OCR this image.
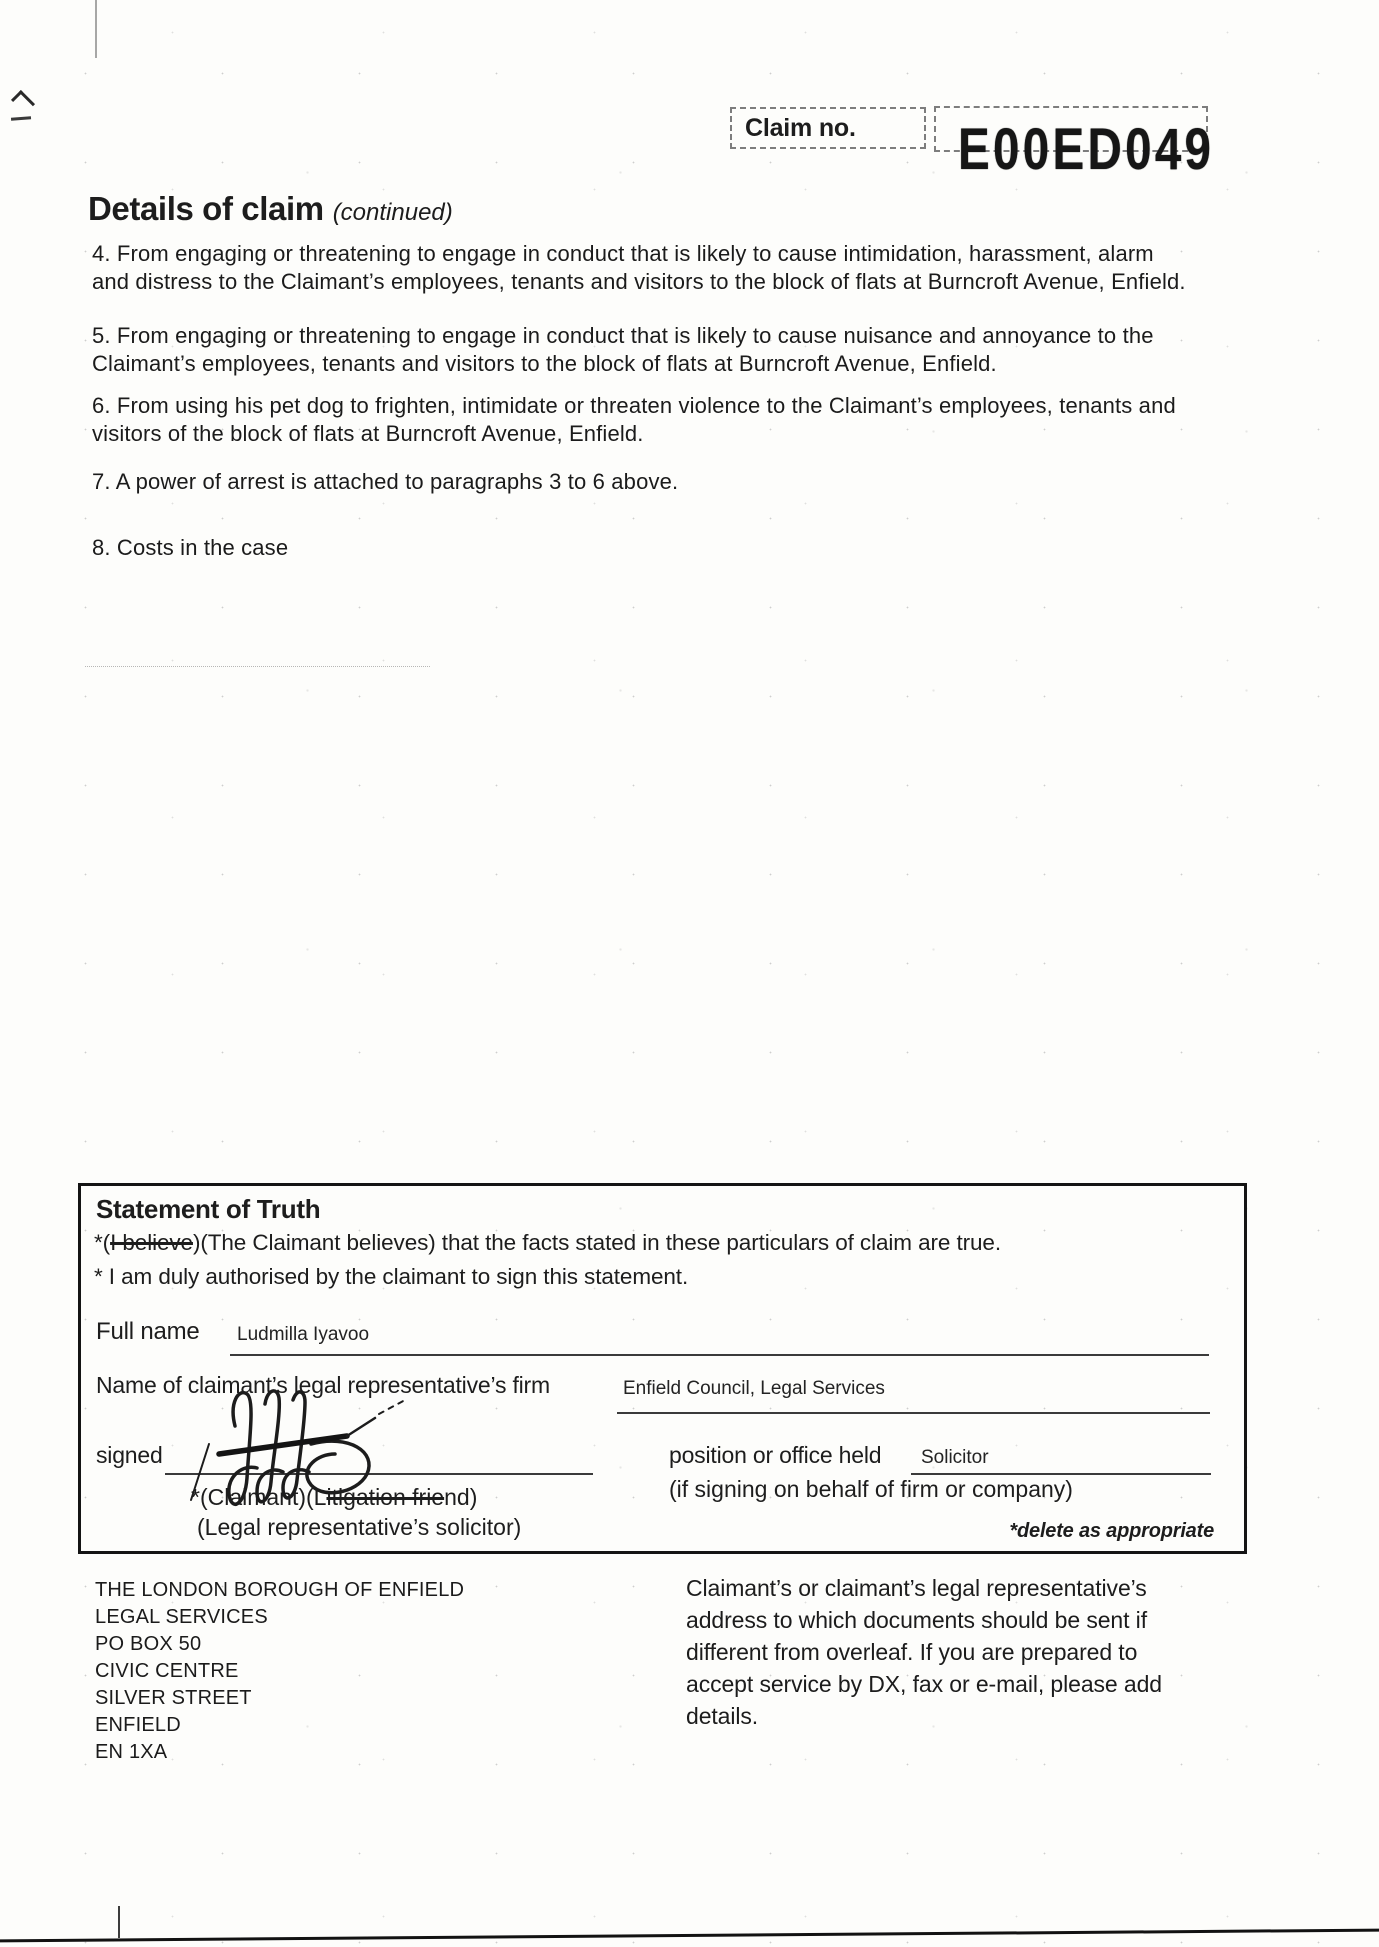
Claim no. E00ED049
Details of claim (continued)
4. From engaging or threatening to engage in conduct that is likely to cause intimidation, harassment, alarm and distress to the Claimant’s employees, tenants and visitors to the block of flats at Burncroft Avenue, Enfield.
5. From engaging or threatening to engage in conduct that is likely to cause nuisance and annoyance to the Claimant’s employees, tenants and visitors to the block of flats at Burncroft Avenue, Enfield.
6. From using his pet dog to frighten, intimidate or threaten violence to the Claimant’s employees, tenants and visitors of the block of flats at Burncroft Avenue, Enfield.
7. A power of arrest is attached to paragraphs 3 to 6 above.
8. Costs in the case
Statement of Truth
*(I believe)(The Claimant believes) that the facts stated in these particulars of claim are true.
* I am duly authorised by the claimant to sign this statement.
Full name Ludmilla Iyavoo
Name of claimant’s legal representative’s firm	Enfield Council, Legal Services
signed
*(Claimant)(Litigation friend)
(Legal representative’s solicitor)
position or office held Solicitor
(if signing on behalf of firm or company)
*delete as appropriate
THE LONDON BOROUGH OF ENFIELD
LEGAL SERVICES
PO BOX 50
CIVIC CENTRE
SILVER STREET
ENFIELD
EN 1XA
Claimant’s or claimant’s legal representative’s address to which documents should be sent if different from overleaf. If you are prepared to accept service by DX, fax or e-mail, please add details.
